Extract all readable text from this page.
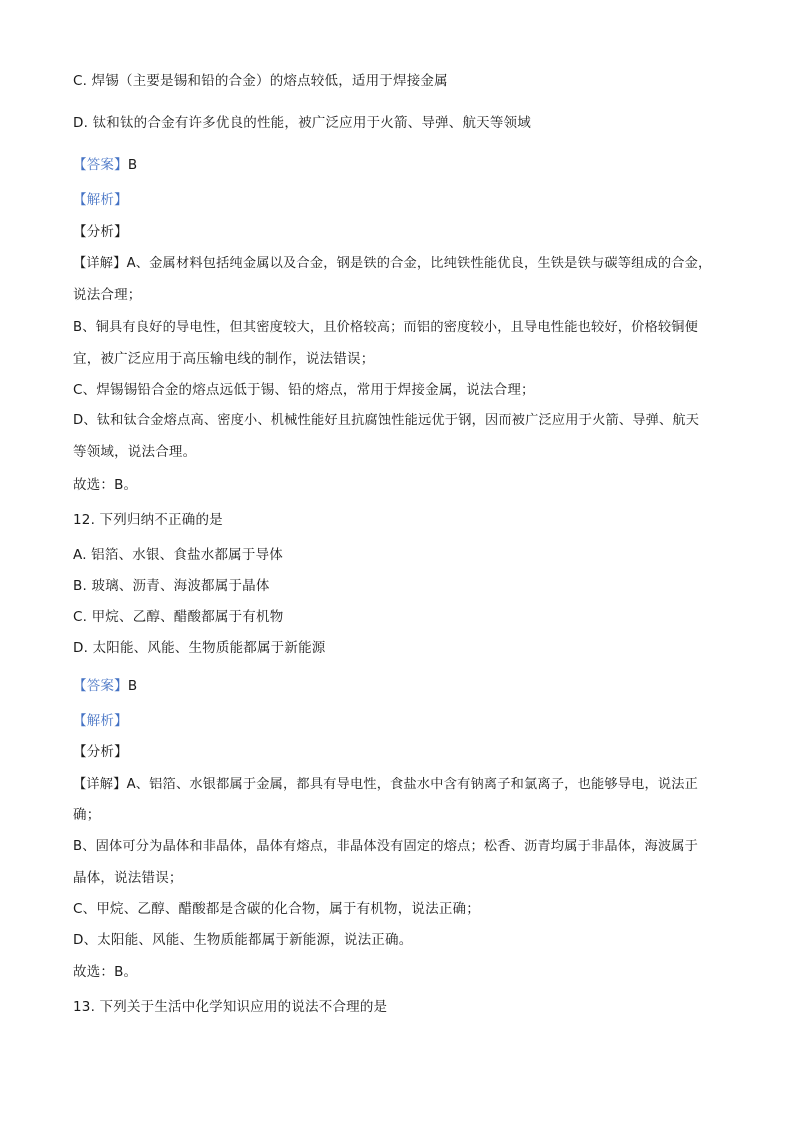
C. 焊锡（主要是锡和铅的合金）的熔点较低，适用于焊接金属
D. 钛和钛的合金有许多优良的性能，被广泛应用于火箭、导弹、航天等领域
【答案】B
【解析】
【分析】
【详解】A、金属材料包括纯金属以及合金，钢是铁的合金，比纯铁性能优良，生铁是铁与碳等组成的合金，
说法合理；
B、铜具有良好的导电性，但其密度较大，且价格较高；而铝的密度较小，且导电性能也较好，价格较铜便
宜，被广泛应用于高压输电线的制作，说法错误；
C、焊锡锡铅合金的熔点远低于锡、铅的熔点，常用于焊接金属，说法合理；
D、钛和钛合金熔点高、密度小、机械性能好且抗腐蚀性能远优于钢，因而被广泛应用于火箭、导弹、航天
等领域，说法合理。
故选：B。
12. 下列归纳不正确的是
A. 铝箔、水银、食盐水都属于导体
B. 玻璃、沥青、海波都属于晶体
C. 甲烷、乙醇、醋酸都属于有机物
D. 太阳能、风能、生物质能都属于新能源
【答案】B
【解析】
【分析】
【详解】A、铝箔、水银都属于金属，都具有导电性，食盐水中含有钠离子和氯离子，也能够导电，说法正
确；
B、固体可分为晶体和非晶体，晶体有熔点，非晶体没有固定的熔点；松香、沥青均属于非晶体，海波属于
晶体，说法错误；
C、甲烷、乙醇、醋酸都是含碳的化合物，属于有机物，说法正确；
D、太阳能、风能、生物质能都属于新能源，说法正确。
故选：B。
13. 下列关于生活中化学知识应用的说法不合理的是
